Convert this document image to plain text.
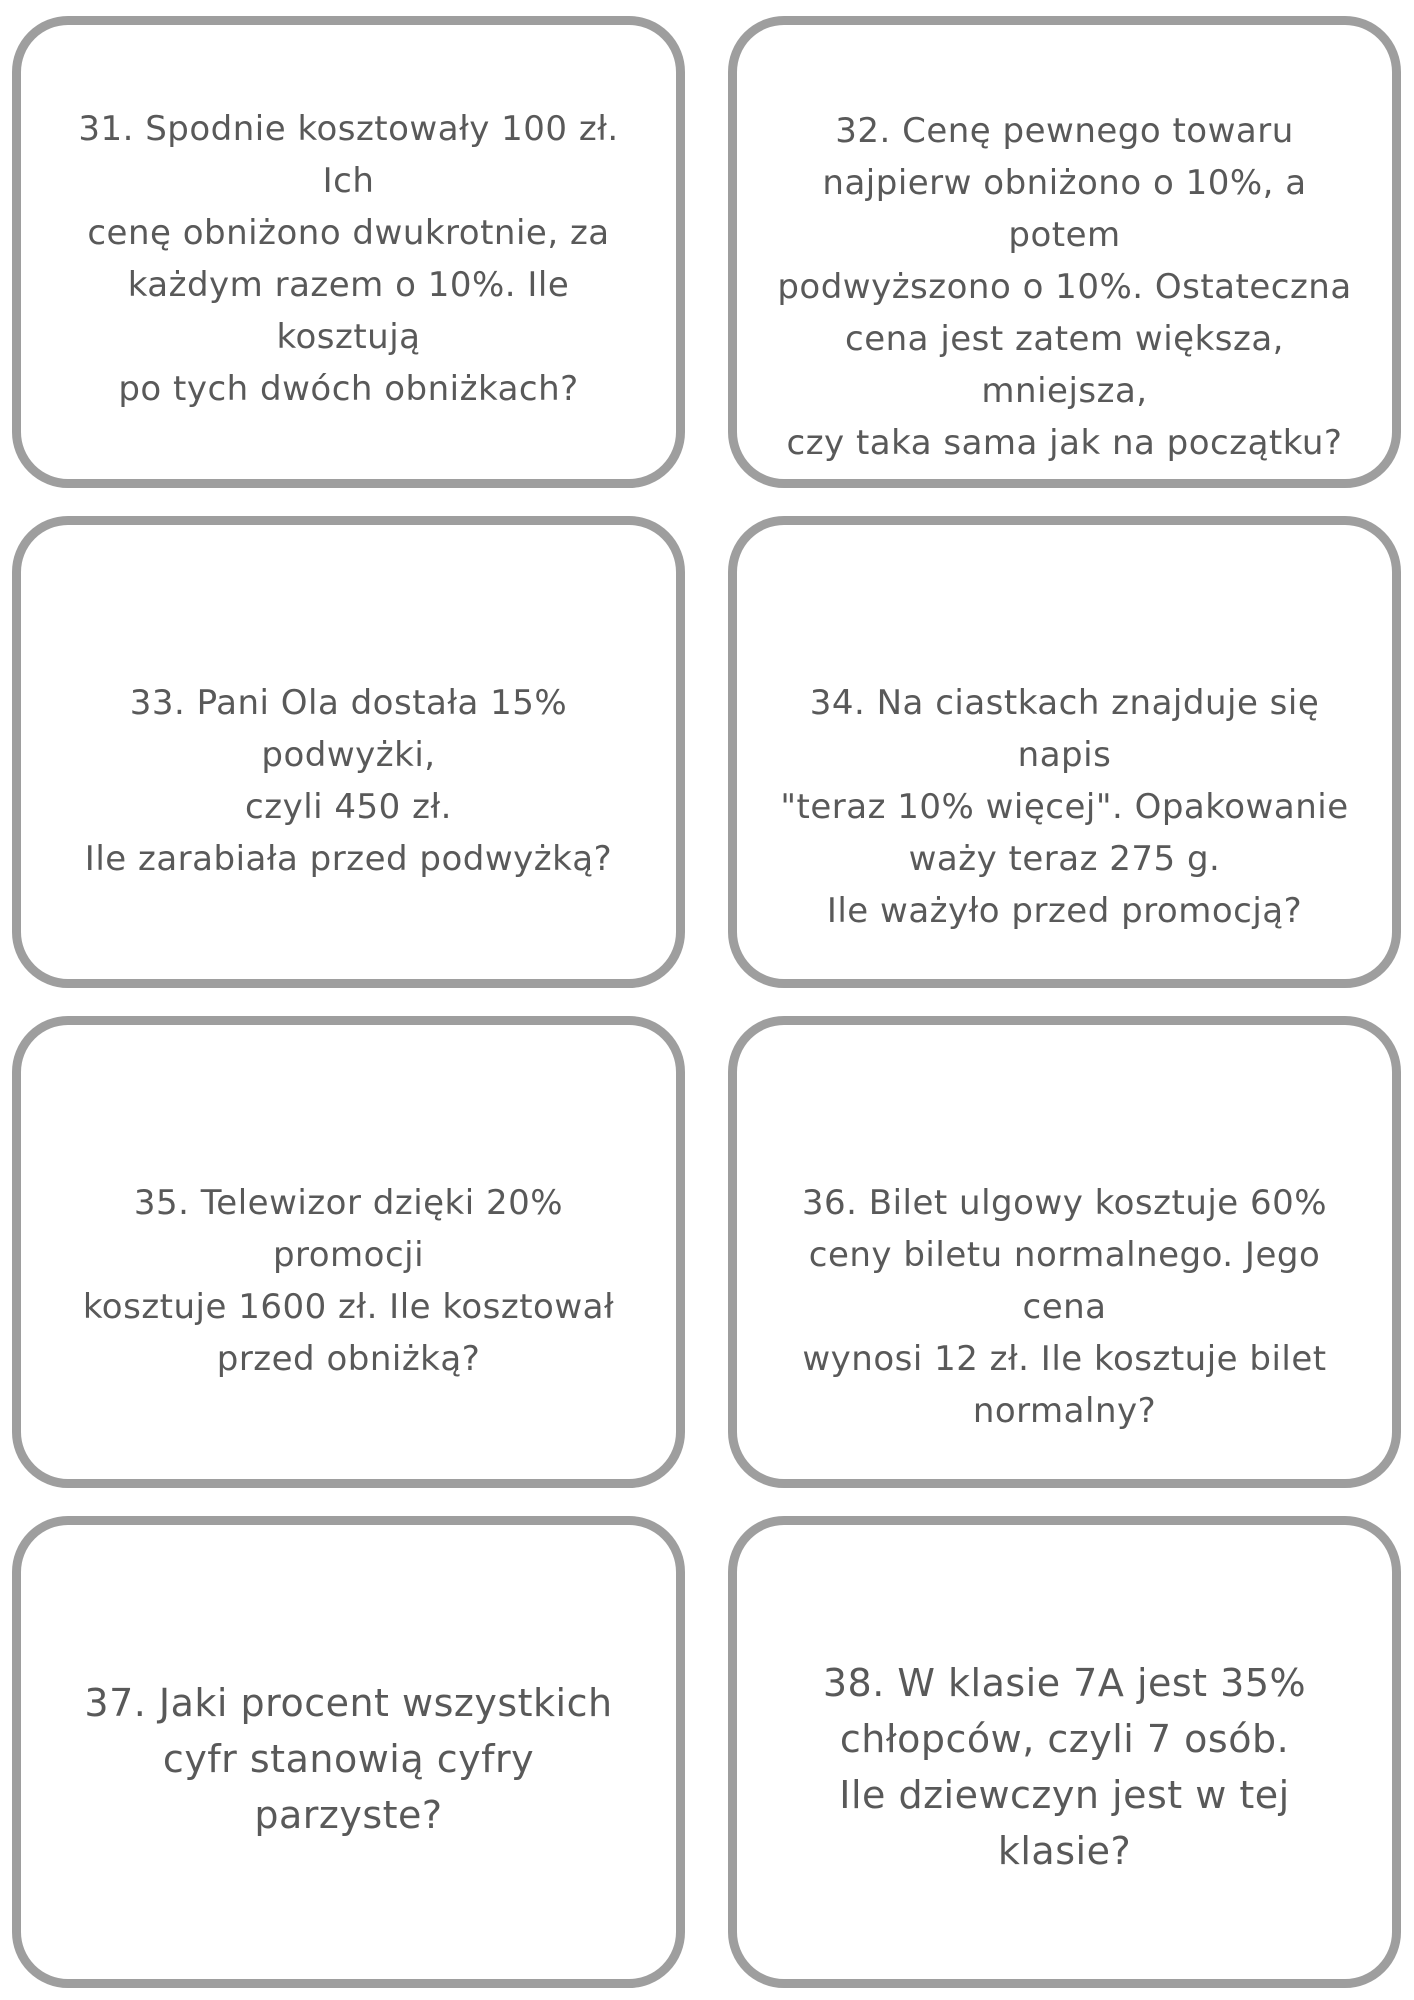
31. Spodnie kosztowały 100 zł. Ich
cenę obniżono dwukrotnie, za
każdym razem o 10%. Ile kosztują
po tych dwóch obniżkach?
32. Cenę pewnego towaru
najpierw obniżono o 10%, a potem
podwyższono o 10%. Ostateczna
cena jest zatem większa, mniejsza,
czy taka sama jak na początku?
33. Pani Ola dostała 15% podwyżki,
czyli 450 zł.
Ile zarabiała przed podwyżką?
34. Na ciastkach znajduje się napis
"teraz 10% więcej". Opakowanie
waży teraz 275 g.
Ile ważyło przed promocją?
35. Telewizor dzięki 20% promocji
kosztuje 1600 zł. Ile kosztował
przed obniżką?
36. Bilet ulgowy kosztuje 60%
ceny biletu normalnego. Jego cena
wynosi 12 zł. Ile kosztuje bilet
normalny?
37. Jaki procent wszystkich
cyfr stanowią cyfry
parzyste?
38. W klasie 7A jest 35%
chłopców, czyli 7 osób.
Ile dziewczyn jest w tej klasie?
